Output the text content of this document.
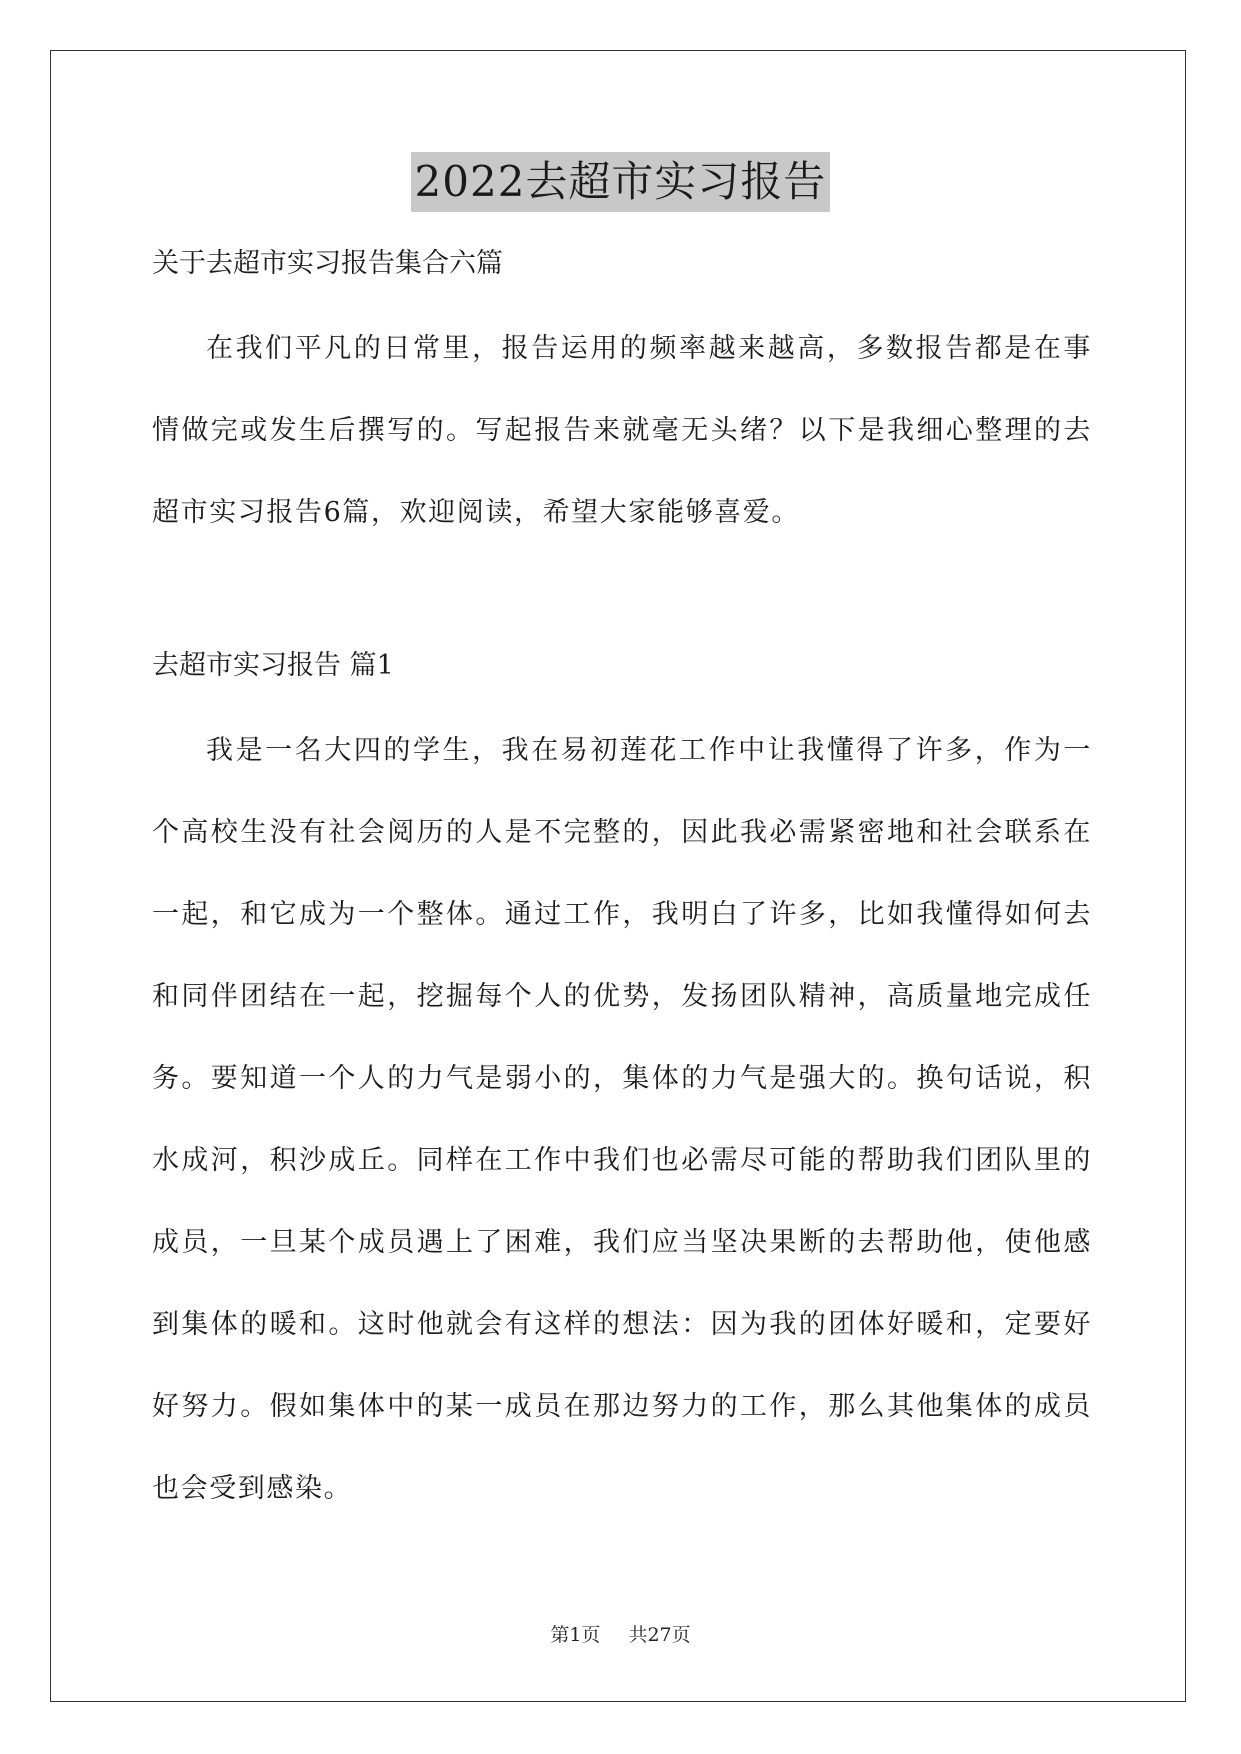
2022去超市实习报告

关于去超市实习报告集合六篇

在我们平凡的日常里，报告运用的频率越来越高，多数报告都是在事情做完或发生后撰写的。写起报告来就毫无头绪？以下是我细心整理的去超市实习报告6篇，欢迎阅读，希望大家能够喜爱。

去超市实习报告 篇1

我是一名大四的学生，我在易初莲花工作中让我懂得了许多，作为一个高校生没有社会阅历的人是不完整的，因此我必需紧密地和社会联系在一起，和它成为一个整体。通过工作，我明白了许多，比如我懂得如何去和同伴团结在一起，挖掘每个人的优势，发扬团队精神，高质量地完成任务。要知道一个人的力气是弱小的，集体的力气是强大的。换句话说，积水成河，积沙成丘。同样在工作中我们也必需尽可能的帮助我们团队里的成员，一旦某个成员遇上了困难，我们应当坚决果断的去帮助他，使他感到集体的暖和。这时他就会有这样的想法：因为我的团体好暖和，定要好好努力。假如集体中的某一成员在那边努力的工作，那么其他集体的成员也会受到感染。

第1页 共27页
